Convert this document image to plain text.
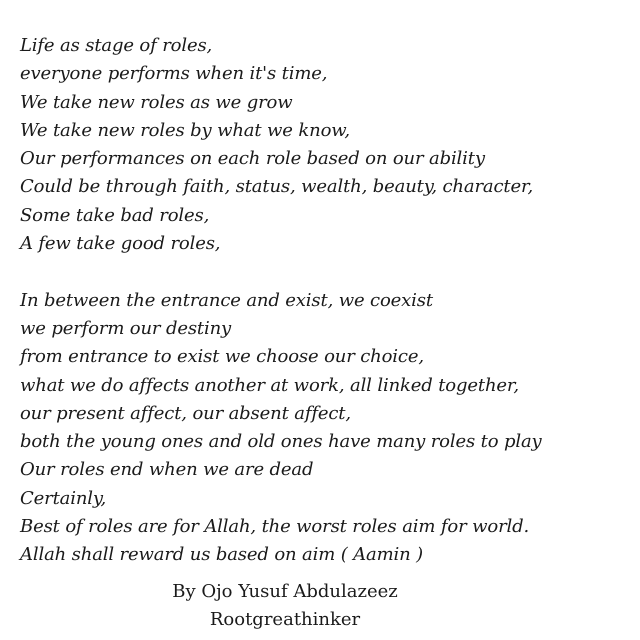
Life as stage of roles,
everyone performs when it's time,
We take new roles as we grow
We take new roles by what we know,
Our performances on each role based on our ability
Could be through faith, status, wealth, beauty, character,
Some take bad roles,
A few take good roles,
In between the entrance and exist, we coexist
we perform our destiny
from entrance to exist we choose our choice,
what we do affects another at work, all linked together,
our present affect, our absent affect,
both the young ones and old ones have many roles to play
Our roles end when we are dead
Certainly,
Best of roles are for Allah, the worst roles aim for world.
Allah shall reward us based on aim ( Aamin )
By Ojo Yusuf Abdulazeez
Rootgreathinker
